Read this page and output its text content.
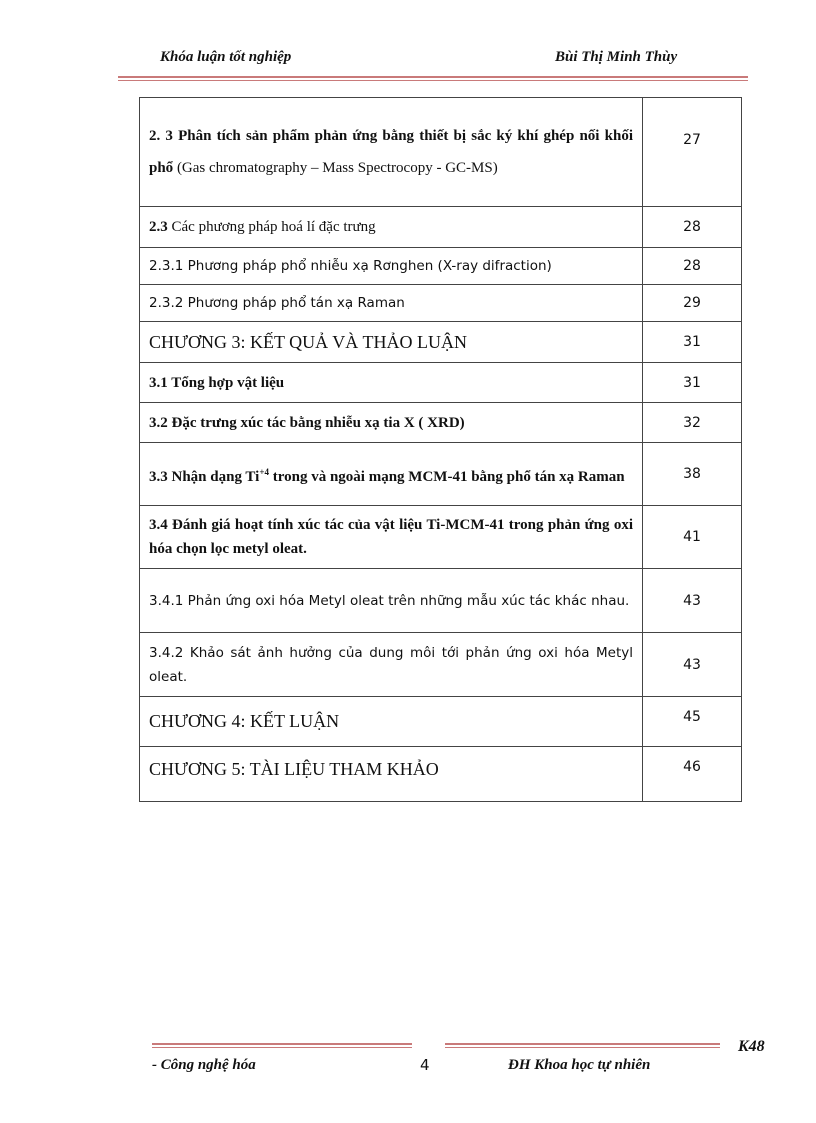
Khóa luận tốt nghiệp	Bùi Thị Minh Thùy
2. 3 Phân tích sản phẩm phản ứng bằng thiết bị sắc ký khí ghép nối khối phổ (Gas chromatography – Mass Spectrocopy - GC-MS)	27
2.3 Các phương pháp hoá lí đặc trưng	28
2.3.1 Phương pháp phổ nhiễu xạ Rơnghen (X-ray difraction)	28
2.3.2 Phương pháp phổ tán xạ Raman	29
CHƯƠNG 3: KẾT QUẢ VÀ THẢO LUẬN	31
3.1 Tổng hợp vật liệu	31
3.2 Đặc trưng xúc tác bằng nhiễu xạ tia X ( XRD)	32
3.3 Nhận dạng $Ti^{+4}$ trong và ngoài mạng MCM-41 bằng phổ tán xạ Raman	38
3.4 Đánh giá hoạt tính xúc tác của vật liệu Ti-MCM-41 trong phản ứng oxi hóa chọn lọc metyl oleat.	41
3.4.1 Phản ứng oxi hóa Metyl oleat trên những mẫu xúc tác khác nhau.	43
3.4.2 Khảo sát ảnh hưởng của dung môi tới phản ứng oxi hóa Metyl oleat.	43
CHƯƠNG 4: KẾT LUẬN	45
CHƯƠNG 5: TÀI LIỆU THAM KHẢO	46
K48
- Công nghệ hóa	4	ĐH Khoa học tự nhiên
